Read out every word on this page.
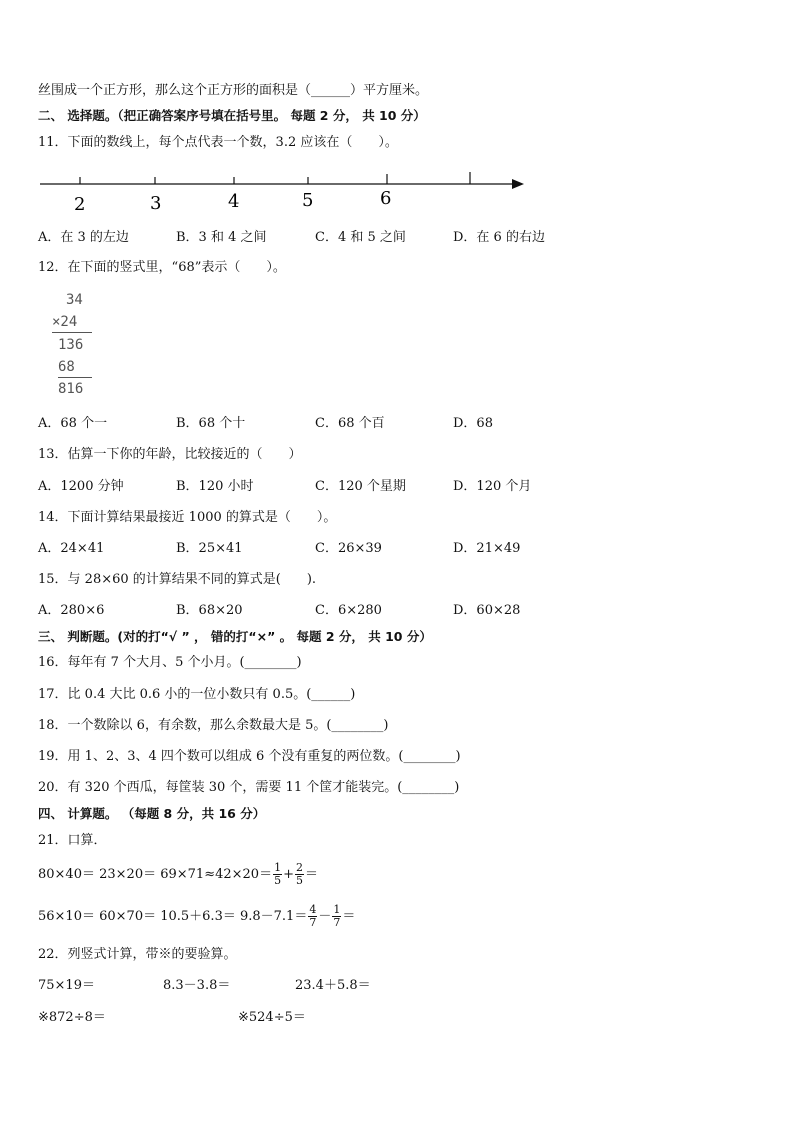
丝围成一个正方形，那么这个正方形的面积是（______）平方厘米。
二、 选择题。（把正确答案序号填在括号里。 每题 2 分， 共 10 分）
11．下面的数线上，每个点代表一个数，3.2 应该在（　　）。
2	3	4	5	6
A．在 3 的左边	B．3 和 4 之间	C．4 和 5 之间	D．在 6 的右边
12．在下面的竖式里，“68”表示（　　）。
34
×24
136
68
816
A．68 个一	B．68 个十	C．68 个百	D．68
13．估算一下你的年龄，比较接近的（　　）
A．1200 分钟	B．120 小时	C．120 个星期	D．120 个月
14．下面计算结果最接近 1000 的算式是（　　）。
A．24×41	B．25×41	C．26×39	D．21×49
15．与 28×60 的计算结果不同的算式是(　　).
A．280×6	B．68×20	C．6×280	D．60×28
三、 判断题。(对的打“√ ” ， 错的打“×” 。 每题 2 分， 共 10 分）
16．每年有 7 个大月、5 个小月。(________)
17．比 0.4 大比 0.6 小的一位小数只有 0.5。(______)
18．一个数除以 6，有余数，那么余数最大是 5。(________)
19．用 1、2、3、4 四个数可以组成 6 个没有重复的两位数。(________)
20．有 320 个西瓜，每筐装 30 个，需要 11 个筐才能装完。(________)
四、 计算题。 （每题 8 分，共 16 分）
21．口算．
$80\times 40= 23\times 20= 69\times 71\approx 42\times 20= \frac{1}{5} + \frac{2}{5}$ ＝
$56\times 10= 60\times 70= 10.5+6.3= 9.8-7.1= \frac{4}{7} - \frac{1}{7}$ ＝
22．列竖式计算，带※的要验算。
75×19＝	8.3－3.8＝	23.4＋5.8＝
※872÷8＝	※524÷5＝
